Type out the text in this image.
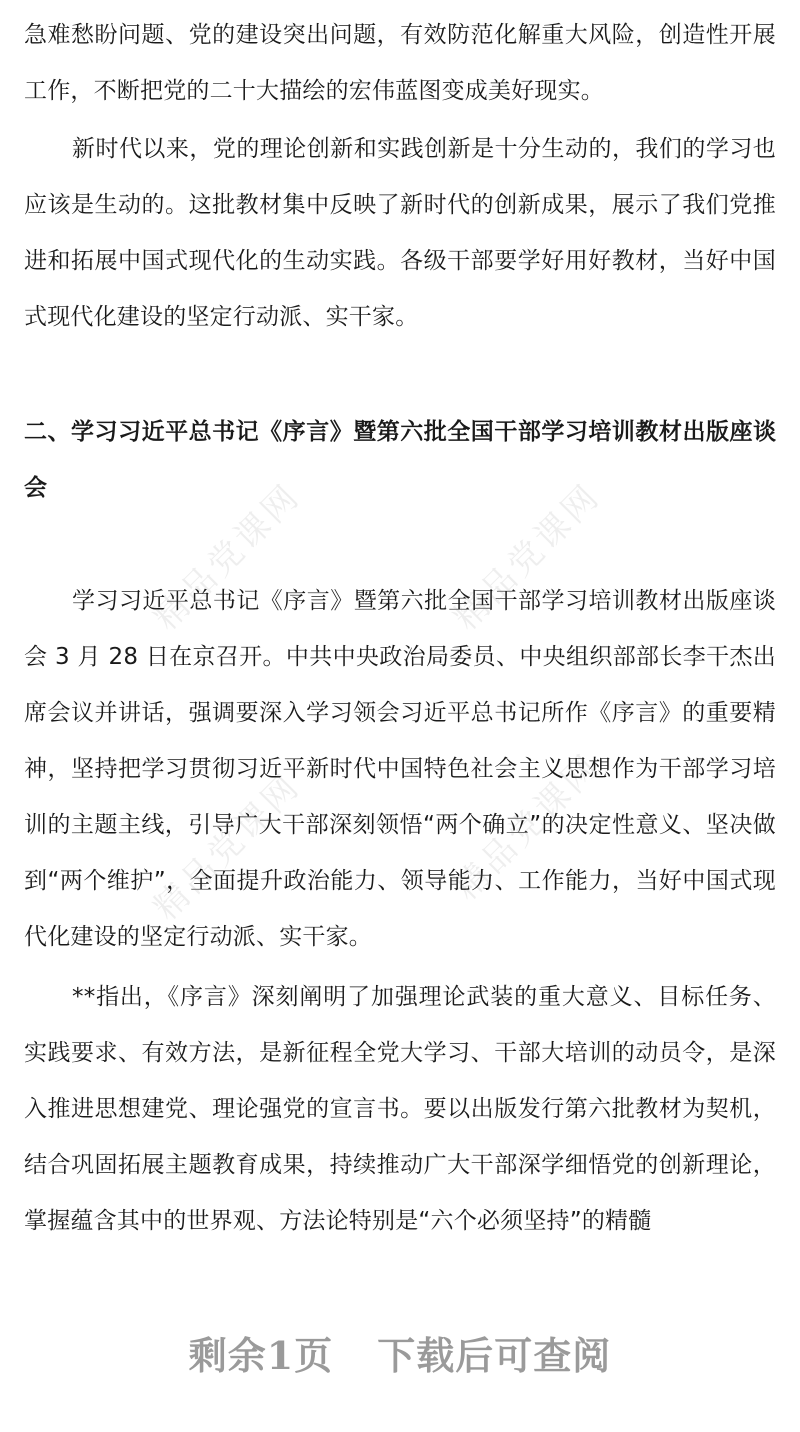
急难愁盼问题、党的建设突出问题，有效防范化解重大风险，创造性开展工作，不断把党的二十大描绘的宏伟蓝图变成美好现实。

新时代以来，党的理论创新和实践创新是十分生动的，我们的学习也应该是生动的。这批教材集中反映了新时代的创新成果，展示了我们党推进和拓展中国式现代化的生动实践。各级干部要学好用好教材，当好中国式现代化建设的坚定行动派、实干家。

二、学习习近平总书记《序言》暨第六批全国干部学习培训教材出版座谈会

学习习近平总书记《序言》暨第六批全国干部学习培训教材出版座谈会 3 月 28 日在京召开。中共中央政治局委员、中央组织部部长李干杰出席会议并讲话，强调要深入学习领会习近平总书记所作《序言》的重要精神，坚持把学习贯彻习近平新时代中国特色社会主义思想作为干部学习培训的主题主线，引导广大干部深刻领悟“两个确立”的决定性意义、坚决做到“两个维护”，全面提升政治能力、领导能力、工作能力，当好中国式现代化建设的坚定行动派、实干家。

**指出，《序言》深刻阐明了加强理论武装的重大意义、目标任务、实践要求、有效方法，是新征程全党大学习、干部大培训的动员令，是深入推进思想建党、理论强党的宣言书。要以出版发行第六批教材为契机，结合巩固拓展主题教育成果，持续推动广大干部深学细悟党的创新理论，掌握蕴含其中的世界观、方法论特别是“六个必须坚持”的精髓

精品党课网	精品党课网
精品党课网	精品党课网
剩余1页 下载后可查阅
